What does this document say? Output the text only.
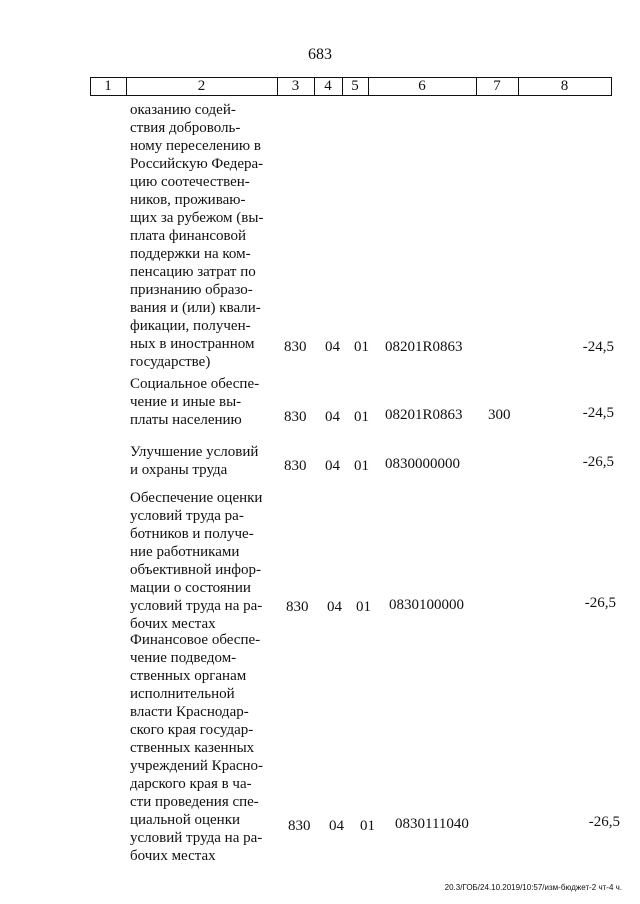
683
1	2	3	4	5	6	7	8
оказанию содей-
ствия доброволь-
ному переселению в
Российскую Федера-
цию соотечествен-
ников, проживаю-
щих за рубежом (вы-
плата финансовой
поддержки на ком-
пенсацию затрат по
признанию образо-
вания и (или) квали-
фикации, получен-
ных в иностранном
государстве)
830 04 01 08201R0863	-24,5
Социальное обеспе-
чение и иные вы-
платы населению	830 04 01 08201R0863 300	-24,5
Улучшение условий
и охраны труда	830 04 01 0830000000	-26,5
Обеспечение оценки
условий труда ра-
ботников и получе-
ние работниками
объективной инфор-
мации о состоянии
условий труда на ра-
бочих местах
830 04 01 0830100000	-26,5
Финансовое обеспе-
чение подведом-
ственных органам
исполнительной
власти Краснодар-
ского края государ-
ственных казенных
учреждений Красно-
дарского края в ча-
сти проведения спе-
циальной оценки
условий труда на ра-
бочих местах
830 04 01 0830111040	-26,5
20.3/ГОБ/24.10.2019/10:57/изм-бюджет-2 чт-4 ч.
